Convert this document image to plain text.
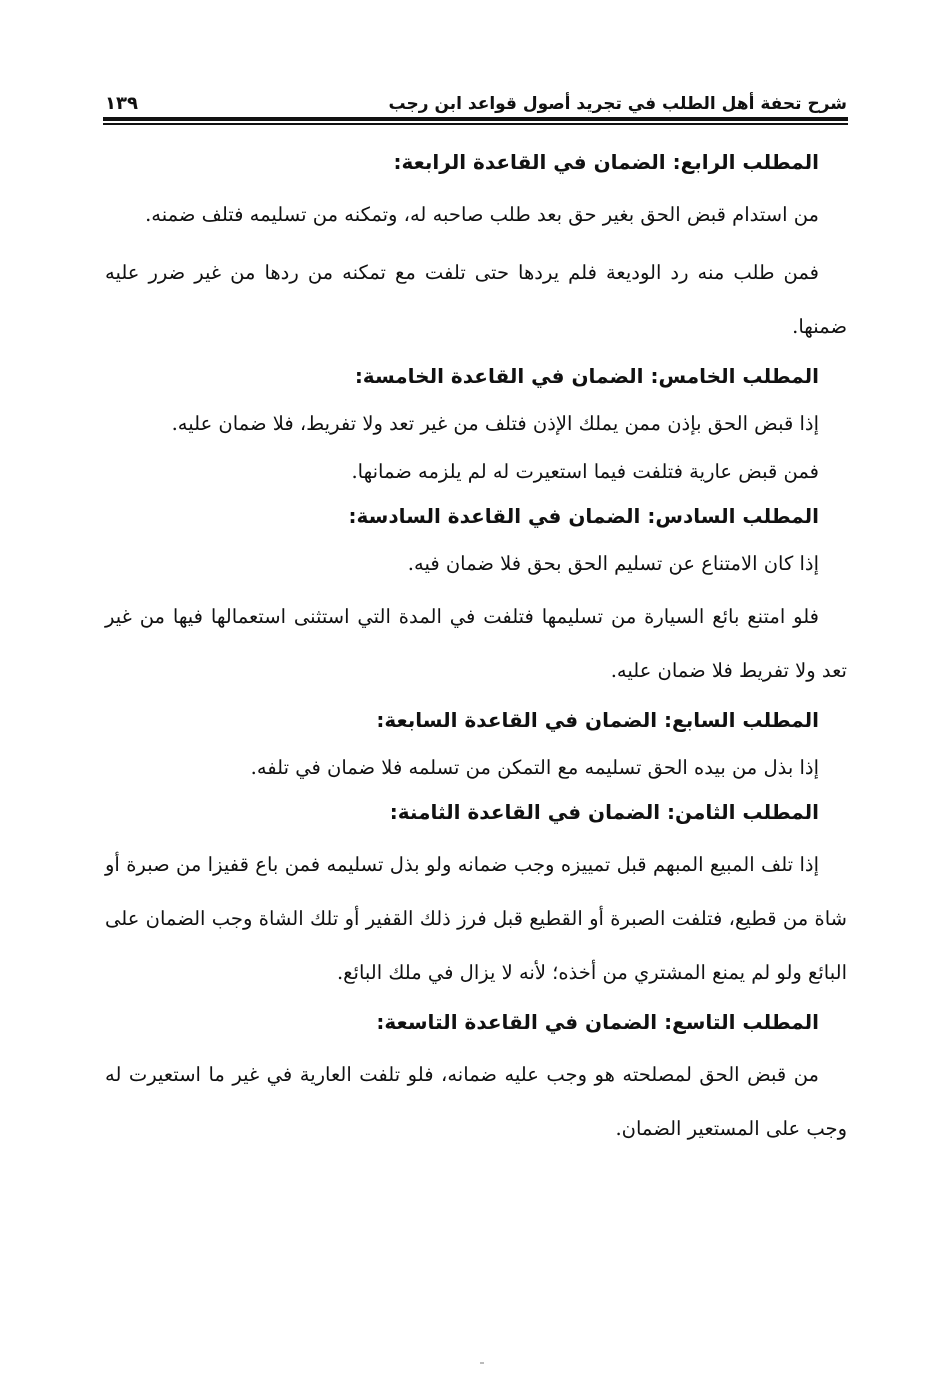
شرح تحفة أهل الطلب في تجريد أصول قواعد ابن رجب
١٣٩
المطلب الرابع: الضمان في القاعدة الرابعة:

من استدام قبض الحق بغير حق بعد طلب صاحبه له، وتمكنه من تسليمه فتلف ضمنه.

فمن طلب منه رد الوديعة فلم يردها حتى تلفت مع تمكنه من ردها من غير ضرر عليه ضمنها.

المطلب الخامس: الضمان في القاعدة الخامسة:

إذا قبض الحق بإذن ممن يملك الإذن فتلف من غير تعد ولا تفريط، فلا ضمان عليه.

فمن قبض عارية فتلفت فيما استعيرت له لم يلزمه ضمانها.

المطلب السادس: الضمان في القاعدة السادسة:

إذا كان الامتناع عن تسليم الحق بحق فلا ضمان فيه.

فلو امتنع بائع السيارة من تسليمها فتلفت في المدة التي استثنى استعمالها فيها من غير تعد ولا تفريط فلا ضمان عليه.

المطلب السابع: الضمان في القاعدة السابعة:

إذا بذل من بيده الحق تسليمه مع التمكن من تسلمه فلا ضمان في تلفه.

المطلب الثامن: الضمان في القاعدة الثامنة:

إذا تلف المبيع المبهم قبل تمييزه وجب ضمانه ولو بذل تسليمه فمن باع قفيزا من صبرة أو شاة من قطيع، فتلفت الصبرة أو القطيع قبل فرز ذلك القفير أو تلك الشاة وجب الضمان على البائع ولو لم يمنع المشتري من أخذه؛ لأنه لا يزال في ملك البائع.

المطلب التاسع: الضمان في القاعدة التاسعة:

من قبض الحق لمصلحته هو وجب عليه ضمانه، فلو تلفت العارية في غير ما استعيرت له وجب على المستعير الضمان.
